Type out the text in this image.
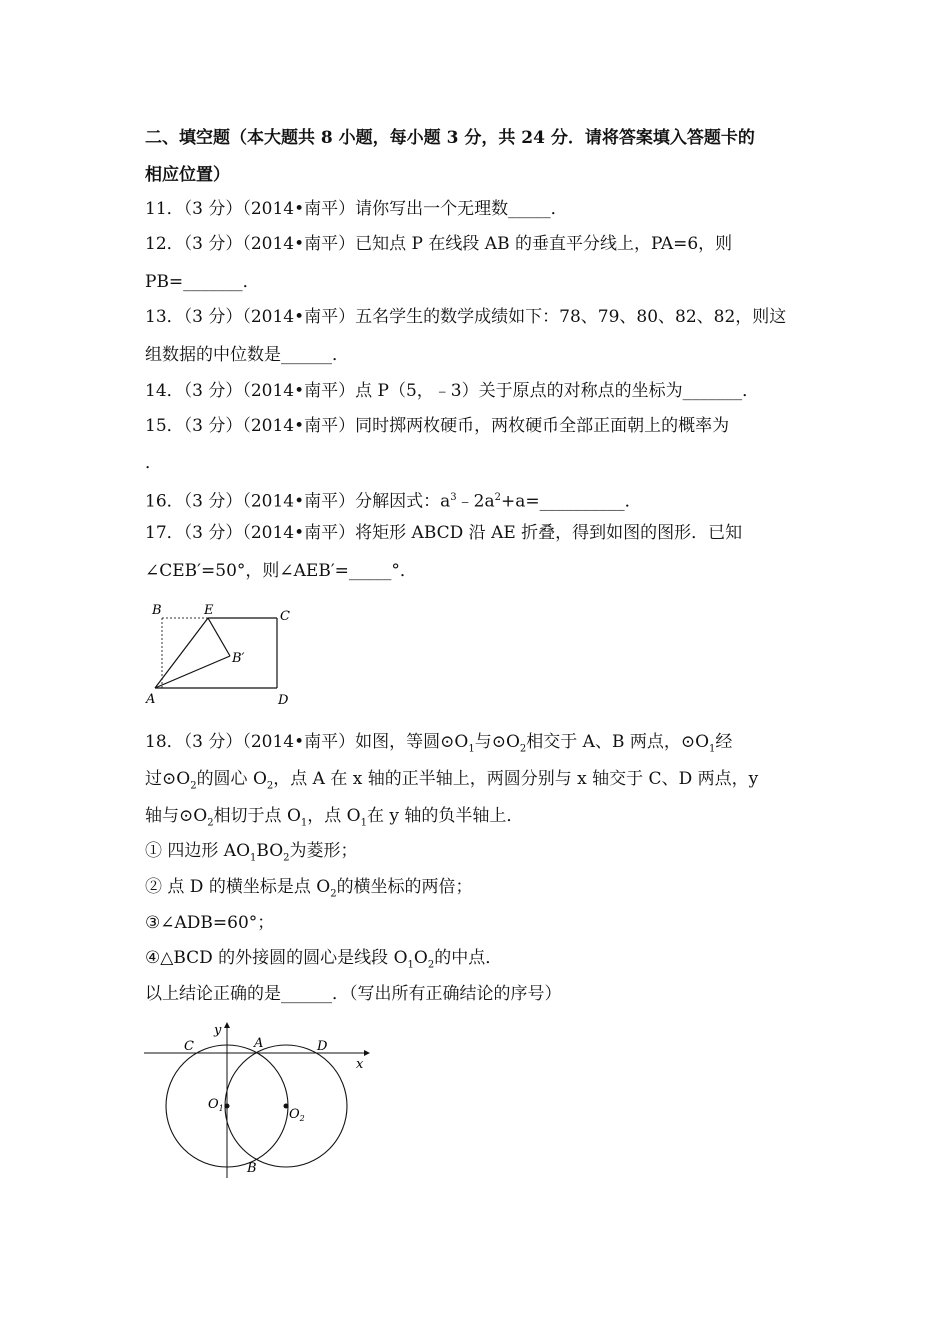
二、填空题（本大题共 8 小题，每小题 3 分，共 24 分．请将答案填入答题卡的
相应位置）
11．（3 分）（2014•南平）请你写出一个无理数_____．
12．（3 分）（2014•南平）已知点 P 在线段 AB 的垂直平分线上，PA=6，则
PB=_______．
13．（3 分）（2014•南平）五名学生的数学成绩如下：78、79、80、82、82，则这
组数据的中位数是______．
14．（3 分）（2014•南平）点 P（5，﹣3）关于原点的对称点的坐标为_______．
15．（3 分）（2014•南平）同时掷两枚硬币，两枚硬币全部正面朝上的概率为
．
16．（3 分）（2014•南平）分解因式：$a^3﹣2a^2+a=\_\_\_\_\_\_\_\_\_\_$．
17．（3 分）（2014•南平）将矩形 ABCD 沿 AE 折叠，得到如图的图形．已知
∠CEB′=50°，则∠AEB′=_____°．
B	E	C
B′
A	D
18．（3 分）（2014•南平）如图，等圆$⊙O_1$与$⊙O_2$相交于 A、B 两点，$⊙O_1$经
过$⊙O_2$的圆心 $O_2$，点 A 在 x 轴的正半轴上，两圆分别与 x 轴交于 C、D 两点，y
轴与$⊙O_2$相切于点 $O_1$，点 $O_1$在 y 轴的负半轴上．
① 四边形 $AO_1BO_2$为菱形；
② 点 D 的横坐标是点 $O_2$的横坐标的两倍；
③∠ADB=60°；
④△BCD 的外接圆的圆心是线段 $O_1O_2$的中点．
以上结论正确的是______．（写出所有正确结论的序号）
y
C	A	D
x
$O_1$	$O_2$
B
